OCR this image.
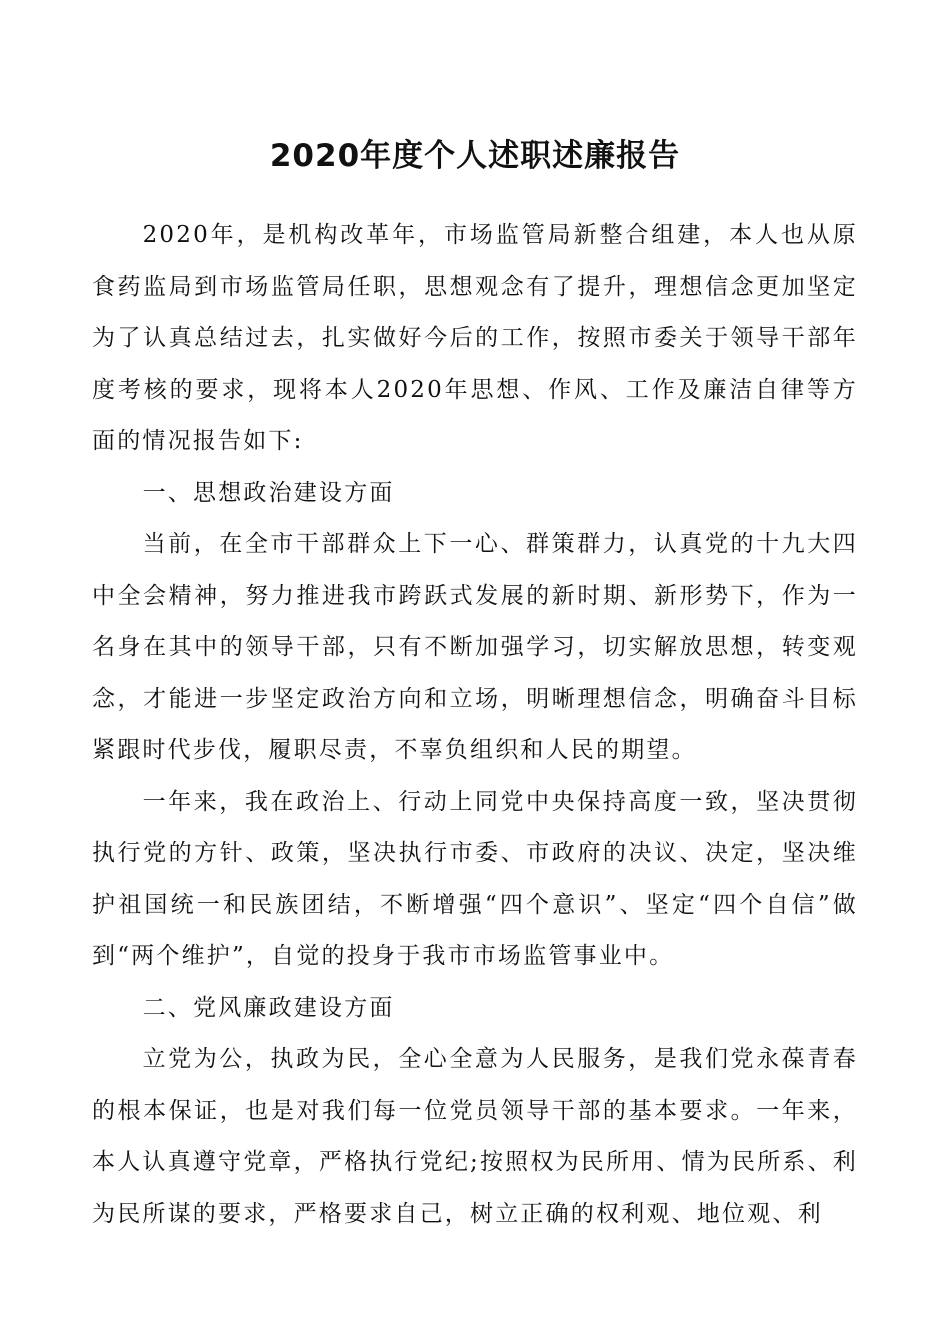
2020年度个人述职述廉报告

2020年，是机构改革年，市场监管局新整合组建，本人也从原食药监局到市场监管局任职，思想观念有了提升，理想信念更加坚定为了认真总结过去，扎实做好今后的工作，按照市委关于领导干部年度考核的要求，现将本人2020年思想、作风、工作及廉洁自律等方面的情况报告如下:

一、思想政治建设方面

当前，在全市干部群众上下一心、群策群力，认真党的十九大四中全会精神，努力推进我市跨跃式发展的新时期、新形势下，作为一名身在其中的领导干部，只有不断加强学习，切实解放思想，转变观念，才能进一步坚定政治方向和立场，明晰理想信念，明确奋斗目标紧跟时代步伐，履职尽责，不辜负组织和人民的期望。

一年来，我在政治上、行动上同党中央保持高度一致，坚决贯彻执行党的方针、政策，坚决执行市委、市政府的决议、决定，坚决维护祖国统一和民族团结，不断增强“四个意识”、坚定“四个自信”做到“两个维护”，自觉的投身于我市市场监管事业中。

二、党风廉政建设方面

立党为公，执政为民，全心全意为人民服务，是我们党永葆青春的根本保证，也是对我们每一位党员领导干部的基本要求。一年来，本人认真遵守党章，严格执行党纪;按照权为民所用、情为民所系、利为民所谋的要求，严格要求自己，树立正确的权利观、地位观、利
